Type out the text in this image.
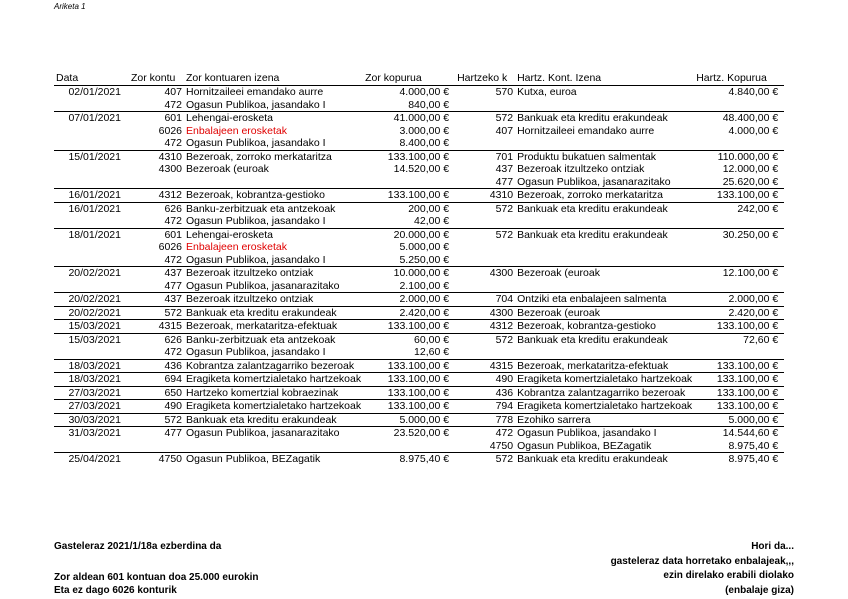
Ariketa 1
Data	Zor kontu	Zor kontuaren izena	Zor kopurua	Hartzeko k	Hartz. Kont. Izena	Hartz. Kopurua
02/01/2021	407	Hornitzaileei emandako aurre	4.000,00 €	570	Kutxa, euroa	4.840,00 €
	472	Ogasun Publikoa, jasandako I	840,00 €			
07/01/2021	601	Lehengai-erosketa	41.000,00 €	572	Bankuak eta kreditu erakundeak	48.400,00 €
	6026	Enbalajeen erosketak	3.000,00 €	407	Hornitzaileei emandako aurre	4.000,00 €
	472	Ogasun Publikoa, jasandako I	8.400,00 €			
15/01/2021	4310	Bezeroak, zorroko merkataritza	133.100,00 €	701	Produktu bukatuen salmentak	110.000,00 €
	4300	Bezeroak (euroak	14.520,00 €	437	Bezeroak itzultzeko ontziak	12.000,00 €
				477	Ogasun Publikoa, jasanarazitako	25.620,00 €
16/01/2021	4312	Bezeroak, kobrantza-gestioko	133.100,00 €	4310	Bezeroak, zorroko merkataritza	133.100,00 €
16/01/2021	626	Banku-zerbitzuak eta antzekoak	200,00 €	572	Bankuak eta kreditu erakundeak	242,00 €
	472	Ogasun Publikoa, jasandako I	42,00 €			
18/01/2021	601	Lehengai-erosketa	20.000,00 €	572	Bankuak eta kreditu erakundeak	30.250,00 €
	6026	Enbalajeen erosketak	5.000,00 €			
	472	Ogasun Publikoa, jasandako I	5.250,00 €			
20/02/2021	437	Bezeroak itzultzeko ontziak	10.000,00 €	4300	Bezeroak (euroak	12.100,00 €
	477	Ogasun Publikoa, jasanarazitako	2.100,00 €			
20/02/2021	437	Bezeroak itzultzeko ontziak	2.000,00 €	704	Ontziki eta enbalajeen salmenta	2.000,00 €
20/02/2021	572	Bankuak eta kreditu erakundeak	2.420,00 €	4300	Bezeroak (euroak	2.420,00 €
15/03/2021	4315	Bezeroak, merkataritza-efektuak	133.100,00 €	4312	Bezeroak, kobrantza-gestioko	133.100,00 €
15/03/2021	626	Banku-zerbitzuak eta antzekoak	60,00 €	572	Bankuak eta kreditu erakundeak	72,60 €
	472	Ogasun Publikoa, jasandako I	12,60 €			
18/03/2021	436	Kobrantza zalantzagarriko bezeroak	133.100,00 €	4315	Bezeroak, merkataritza-efektuak	133.100,00 €
18/03/2021	694	Eragiketa komertzialetako hartzekoak	133.100,00 €	490	Eragiketa komertzialetako hartzekoak	133.100,00 €
27/03/2021	650	Hartzeko komertzial kobraezinak	133.100,00 €	436	Kobrantza zalantzagarriko bezeroak	133.100,00 €
27/03/2021	490	Eragiketa komertzialetako hartzekoak	133.100,00 €	794	Eragiketa komertzialetako hartzekoak	133.100,00 €
30/03/2021	572	Bankuak eta kreditu erakundeak	5.000,00 €	778	Ezohiko sarrera	5.000,00 €
31/03/2021	477	Ogasun Publikoa, jasanarazitako	23.520,00 €	472	Ogasun Publikoa, jasandako I	14.544,60 €
				4750	Ogasun Publikoa, BEZagatik	8.975,40 €
25/04/2021	4750	Ogasun Publikoa, BEZagatik	8.975,40 €	572	Bankuak eta kreditu erakundeak	8.975,40 €
Gasteleraz 2021/1/18a ezberdina da
Zor aldean 601 kontuan doa 25.000 eurokin
Eta ez dago 6026 konturik
Hori da...
gasteleraz data horretako enbalajeak,,,
ezin direlako erabili diolako
(enbalaje giza)
